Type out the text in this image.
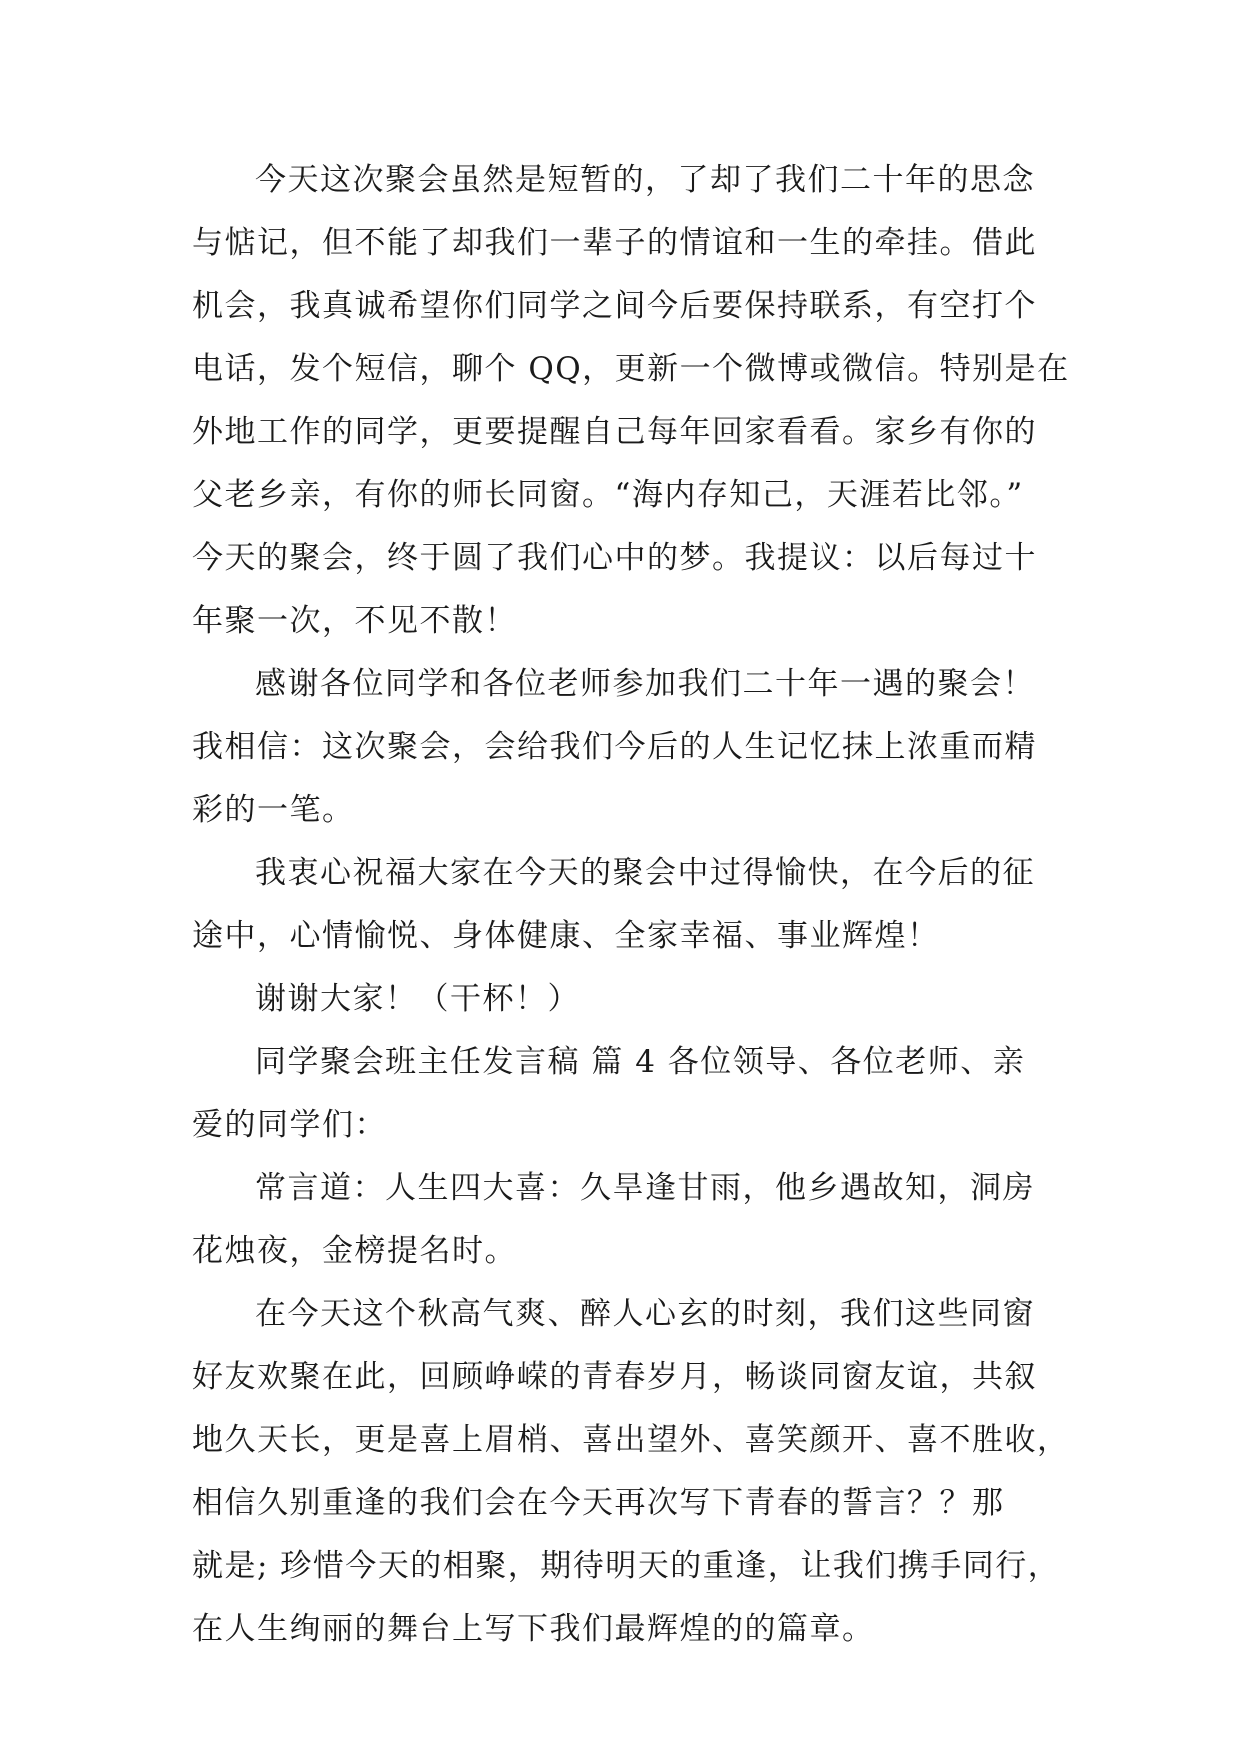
今天这次聚会虽然是短暂的，了却了我们二十年的思念

与惦记，但不能了却我们一辈子的情谊和一生的牵挂。借此

机会，我真诚希望你们同学之间今后要保持联系，有空打个

电话，发个短信，聊个 QQ，更新一个微博或微信。特别是在

外地工作的同学，更要提醒自己每年回家看看。家乡有你的

父老乡亲，有你的师长同窗。“海内存知己，天涯若比邻。”

今天的聚会，终于圆了我们心中的梦。我提议：以后每过十

年聚一次，不见不散！

感谢各位同学和各位老师参加我们二十年一遇的聚会！

我相信：这次聚会，会给我们今后的人生记忆抹上浓重而精

彩的一笔。

我衷心祝福大家在今天的聚会中过得愉快，在今后的征

途中，心情愉悦、身体健康、全家幸福、事业辉煌！

谢谢大家！（干杯！）

同学聚会班主任发言稿 篇 4 各位领导、各位老师、亲

爱的同学们：

常言道：人生四大喜：久旱逢甘雨，他乡遇故知，洞房

花烛夜，金榜提名时。

在今天这个秋高气爽、醉人心玄的时刻，我们这些同窗

好友欢聚在此，回顾峥嵘的青春岁月，畅谈同窗友谊，共叙

地久天长，更是喜上眉梢、喜出望外、喜笑颜开、喜不胜收，

相信久别重逢的我们会在今天再次写下青春的誓言？？那

就是; 珍惜今天的相聚，期待明天的重逢，让我们携手同行，

在人生绚丽的舞台上写下我们最辉煌的的篇章。
